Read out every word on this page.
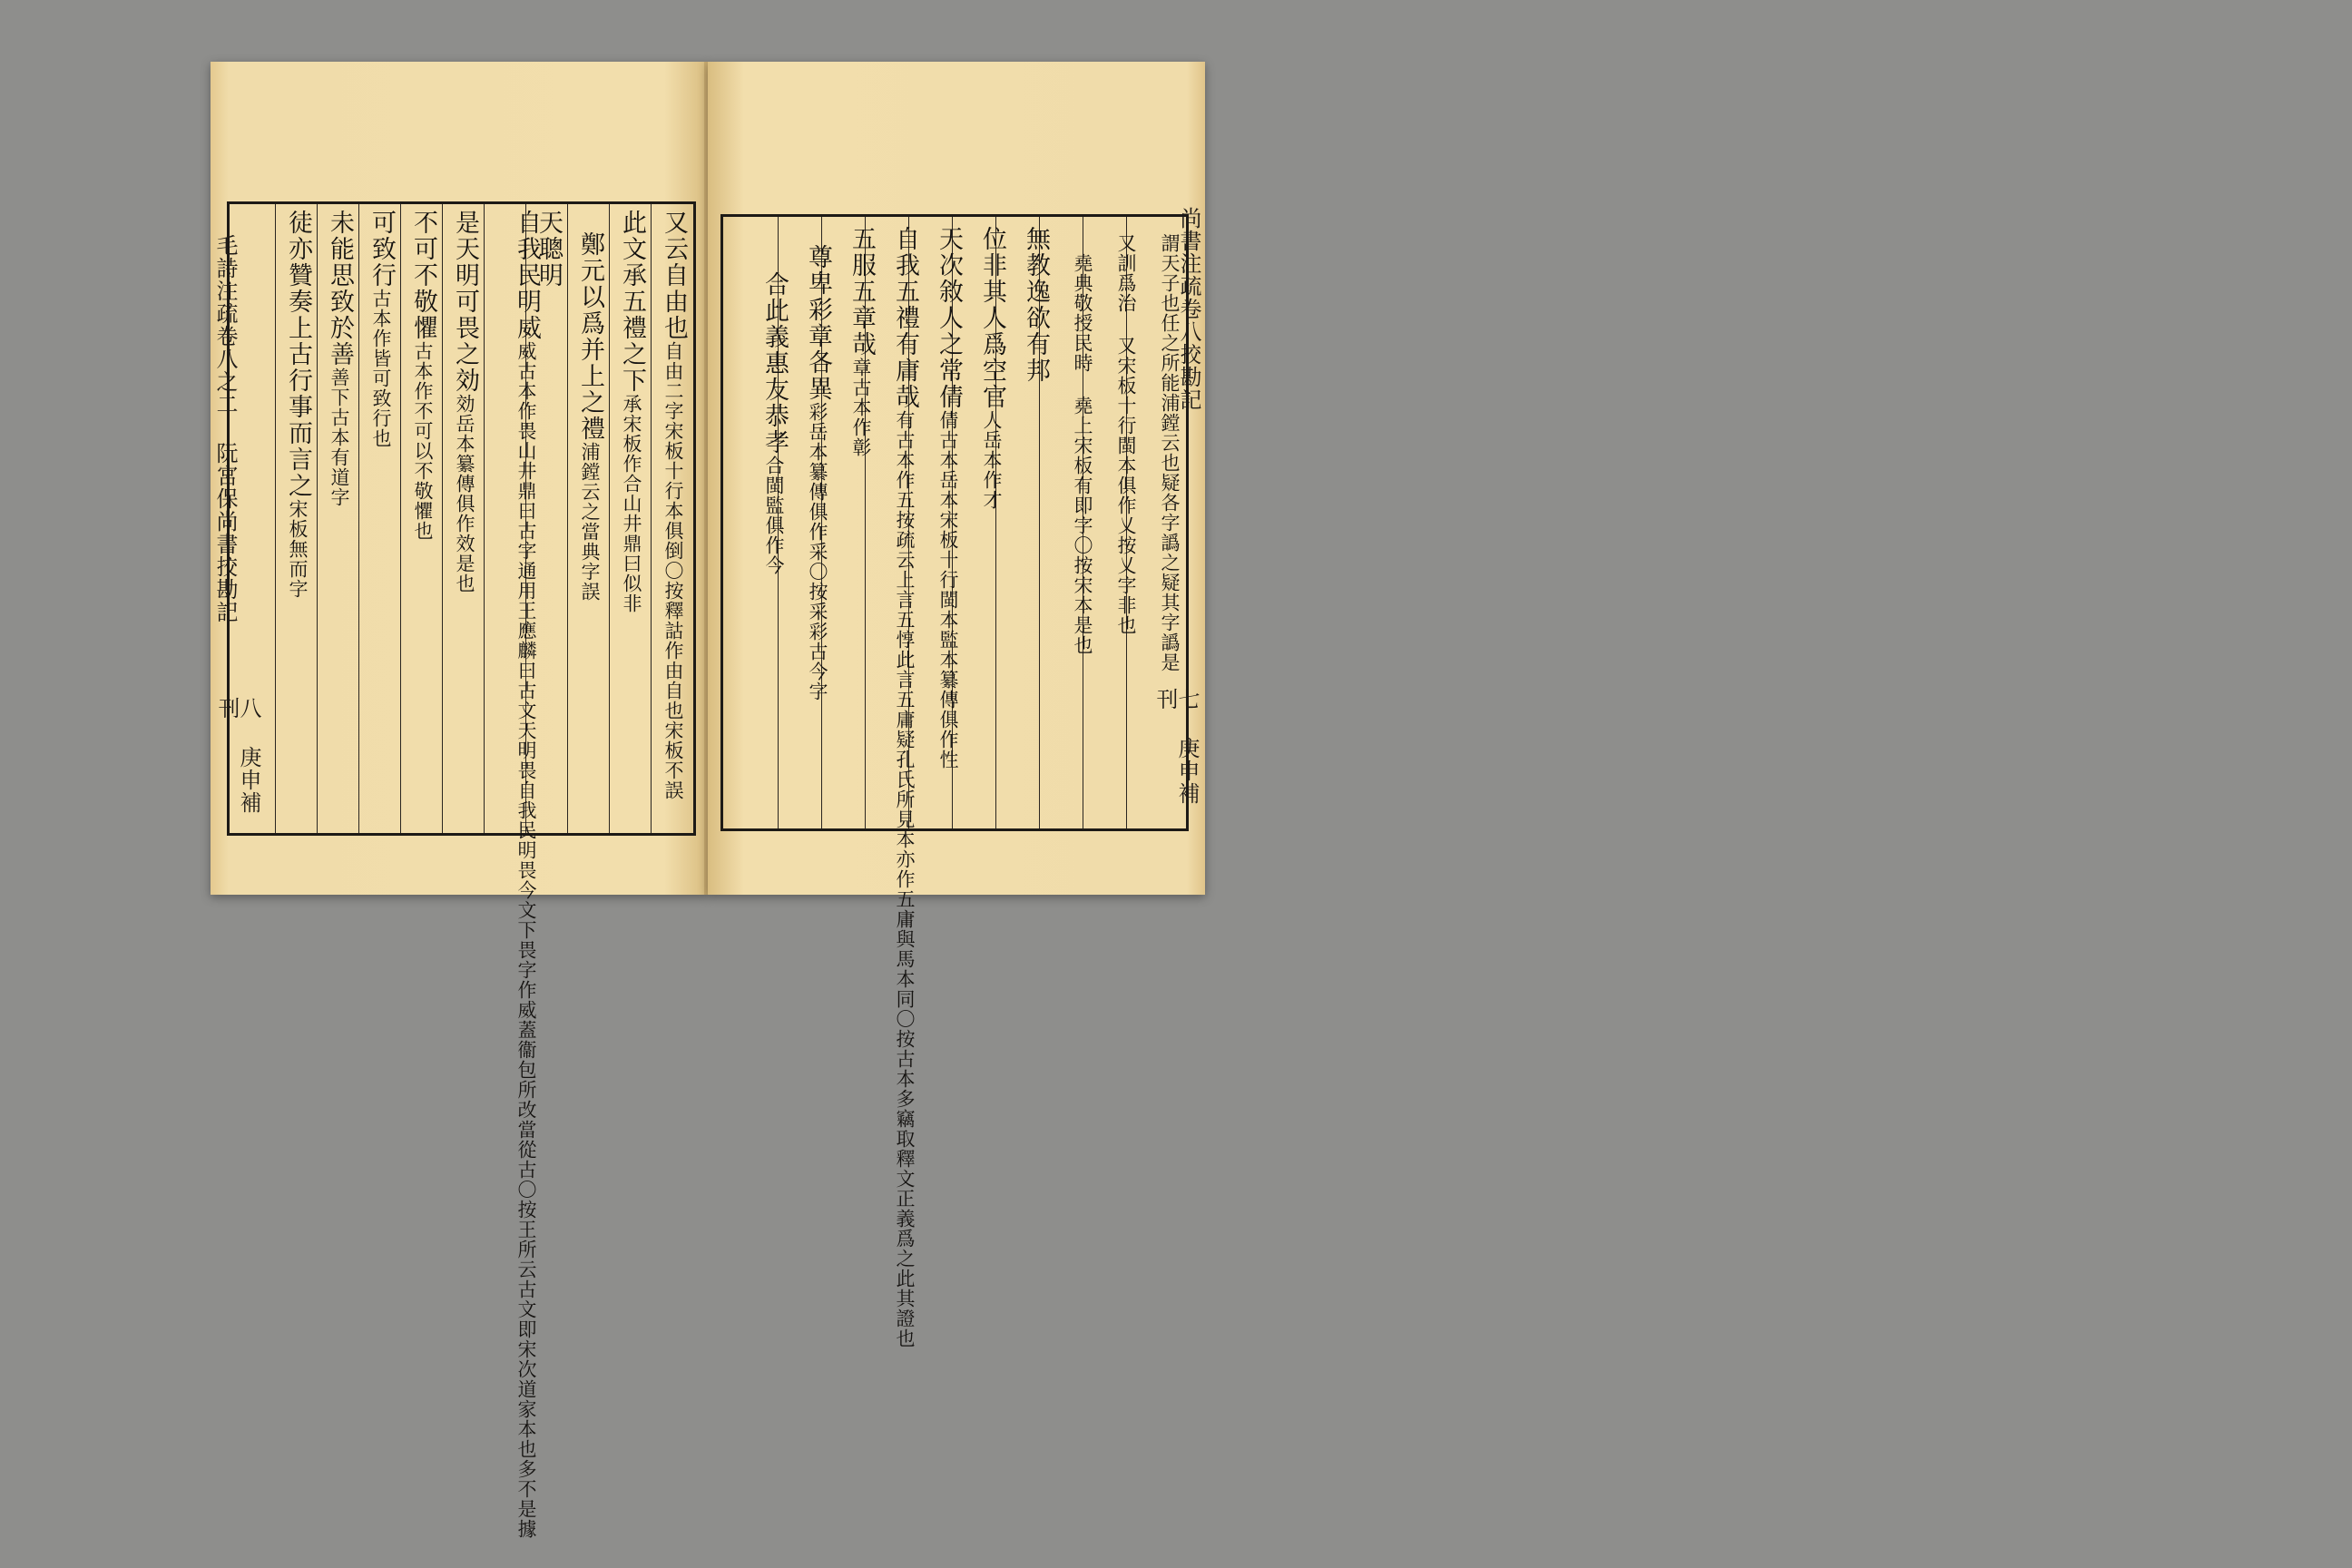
又云自由也自由二字宋板十行本俱倒〇按釋詁作由自也宋板不誤
此文承五禮之下承宋板作合山井鼎曰似非
鄭元以爲并上之禮浦鏜云之當典字誤
天聰明
自我民明威威古本作畏山井鼎曰古字通用王應麟曰古文天明畏自我民明畏今文下畏字作威蓋衞包所改當從古〇按王所云古文即宋次道家本也多不是據
是天明可畏之効効岳本纂傳俱作效是也
不可不敬懼古本作不可以不敬懼也
可致行古本作皆可致行也
未能思致於善善下古本有道字
徒亦贊奏上古行事而言之宋板無而字
毛詩注疏卷八之二 阮宮保尚書挍勘記
八 庚申補刊
謂天子也任之所能浦鏜云也疑各字譌之疑其字譌是
又訓爲治 又宋板十行閩本俱作乂按乂字非也
堯典敬授民時 堯上宋板有即字〇按宋本是也
無教逸欲有邦
位非其人爲空官人岳本作才
天次敘人之常倩倩古本岳本宋板十行閩本監本纂傳俱作性
自我五禮有庸哉有古本作五按疏云上言五惇此言五庸疑孔氏所見本亦作五庸與馬本同〇按古本多竊取釋文正義爲之此其證也
五服五章哉章古本作彰
尊卑彩章各異彩岳本纂傳俱作采〇按采彩古今字
合此義惠友恭孝合閩監俱作今
尚書注疏卷八挍勘記
七 庚申補刊
